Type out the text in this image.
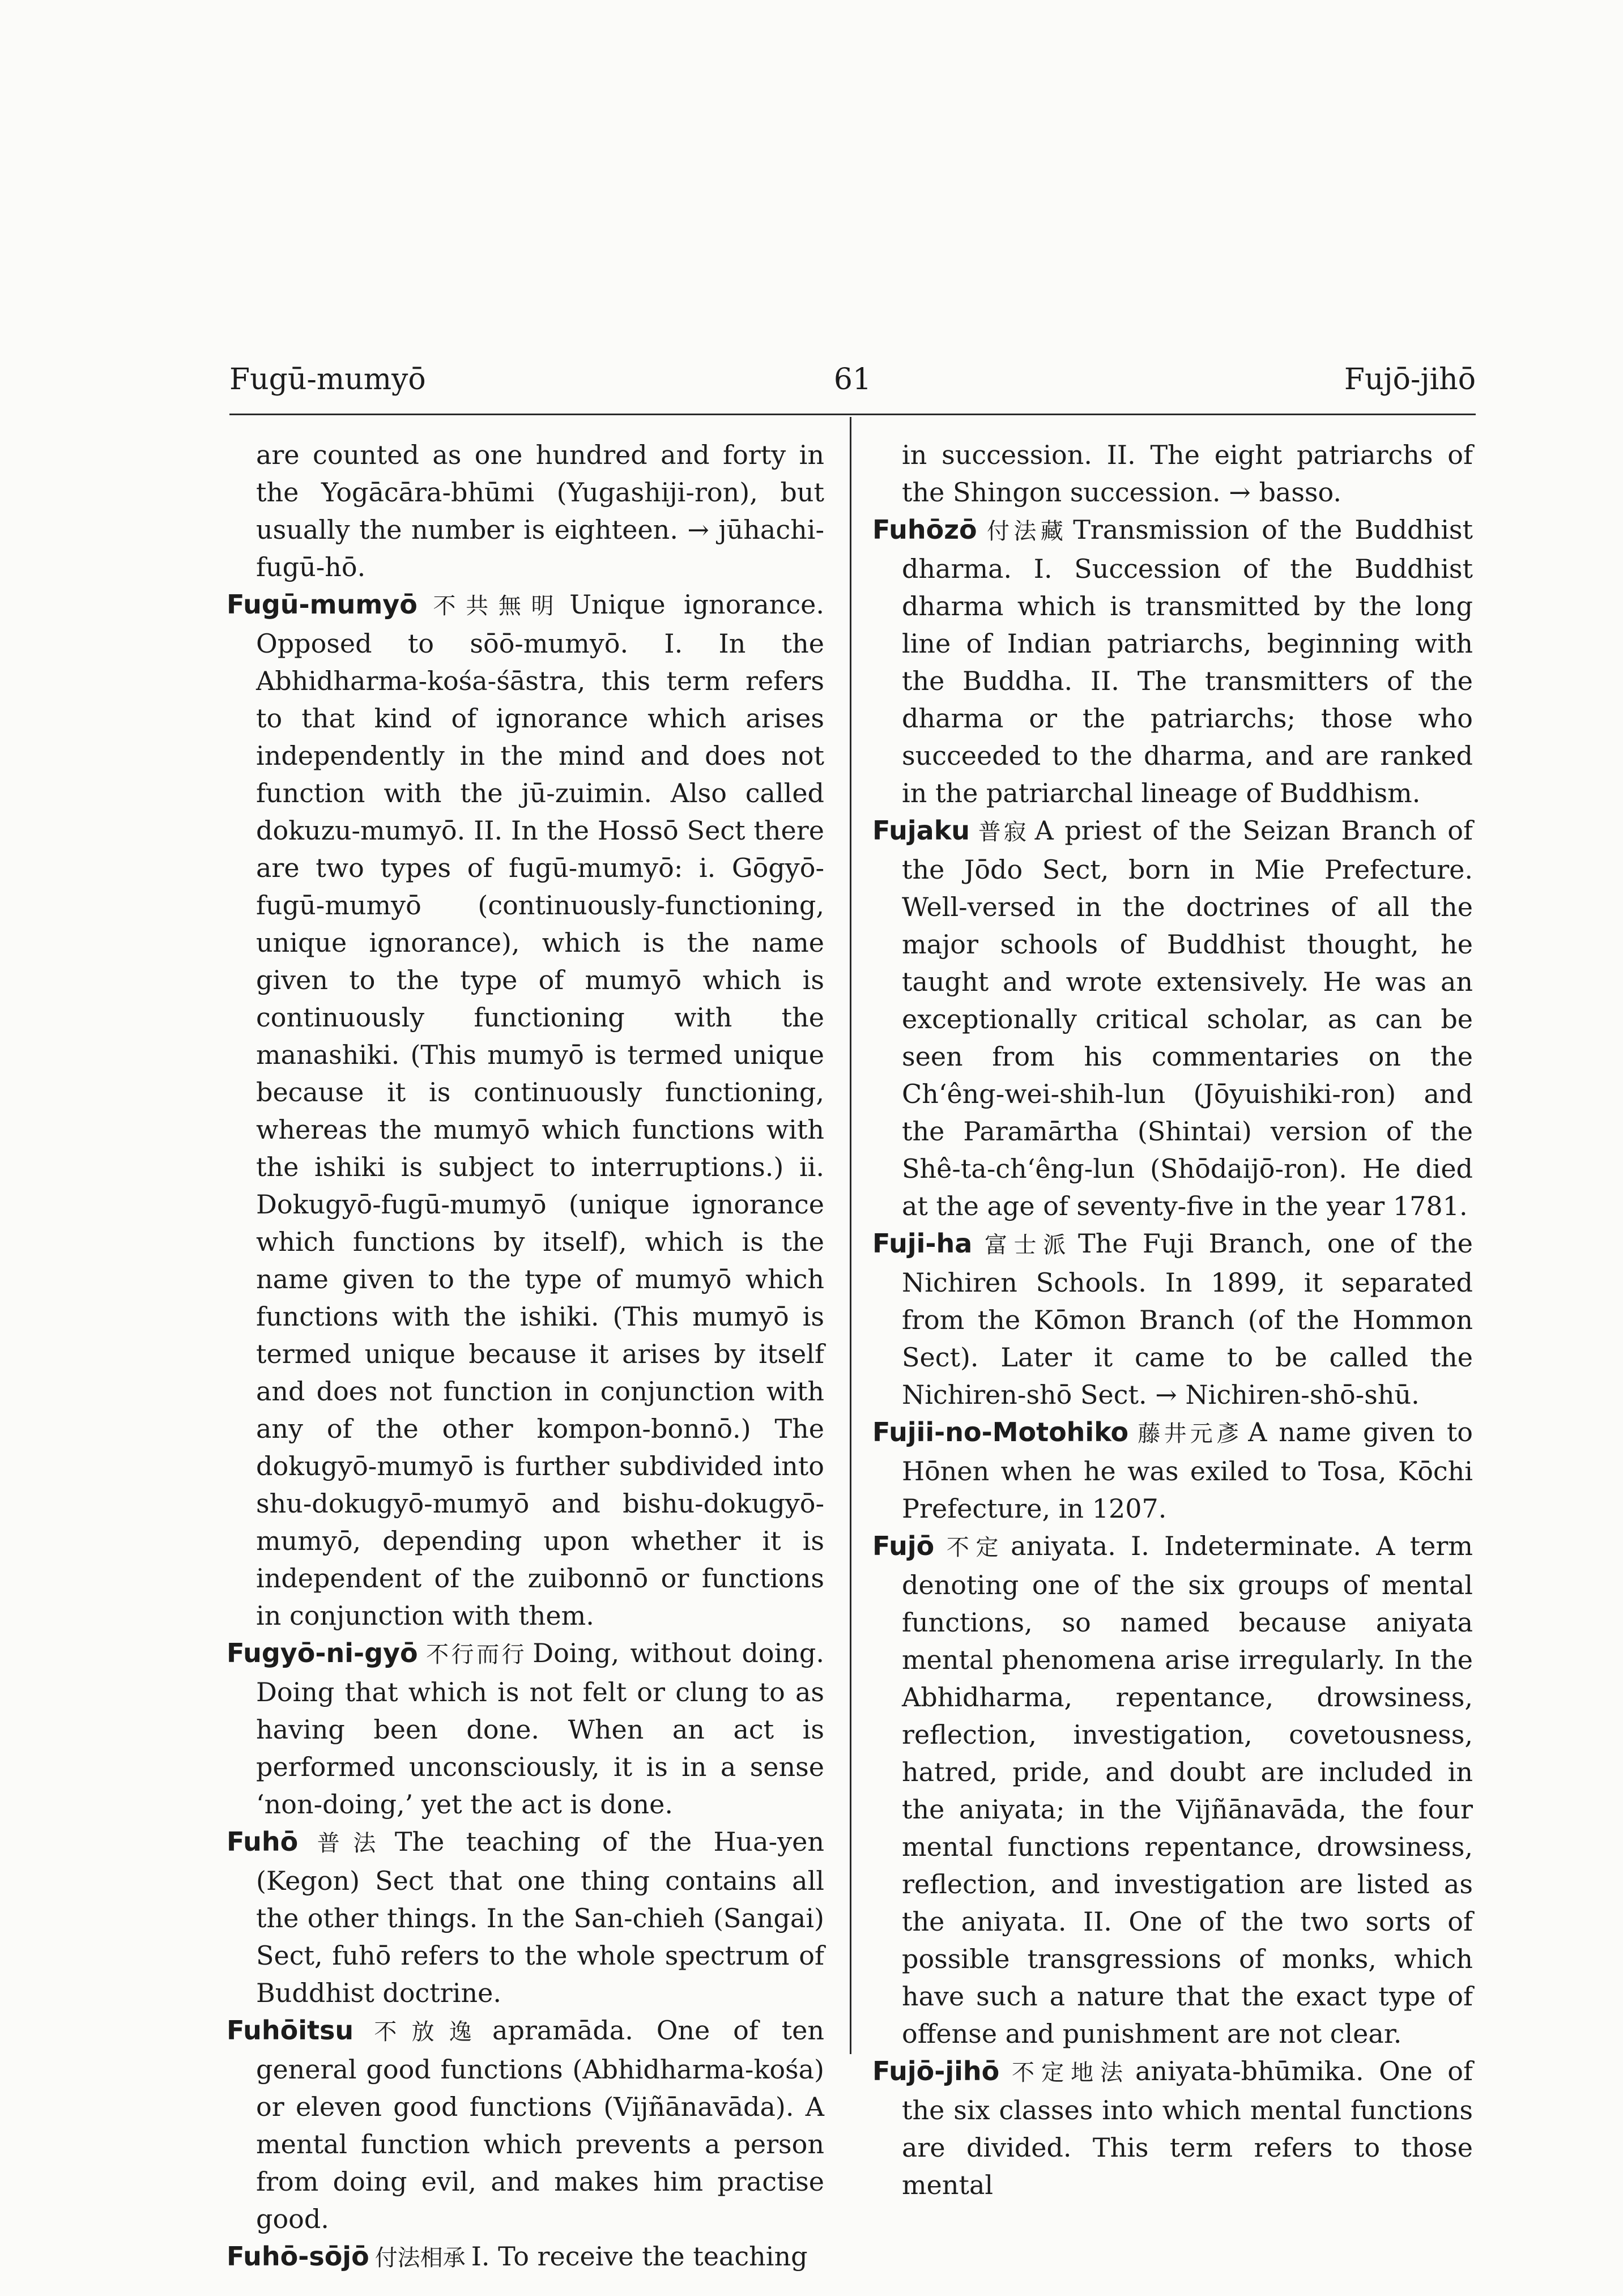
Fugū-mumyō	61	Fujō-jihō

are counted as one hundred and forty in the Yogācāra-bhūmi (Yugashiji-ron), but usually the number is eighteen. → jūhachi-fugū-hō.

Fugū-mumyō 不共無明 Unique ignorance. Opposed to sōō-mumyō. I. In the Abhidharma-kośa-śāstra, this term refers to that kind of ignorance which arises independently in the mind and does not function with the jū-zuimin. Also called dokuzu-mumyō. II. In the Hossō Sect there are two types of fugū-mumyō: i. Gōgyō-fugū-mumyō (continuously-functioning, unique ignorance), which is the name given to the type of mumyō which is continuously functioning with the manashiki. (This mumyō is termed unique because it is continuously functioning, whereas the mumyō which functions with the ishiki is subject to interruptions.) ii. Dokugyō-fugū-mumyō (unique ignorance which functions by itself), which is the name given to the type of mumyō which functions with the ishiki. (This mumyō is termed unique because it arises by itself and does not function in conjunction with any of the other kompon-bonnō.) The dokugyō-mumyō is further subdivided into shu-dokugyō-mumyō and bishu-dokugyō-mumyō, depending upon whether it is independent of the zuibonnō or functions in conjunction with them.

Fugyō-ni-gyō 不行而行 Doing, without doing. Doing that which is not felt or clung to as having been done. When an act is performed unconsciously, it is in a sense ‘non-doing,’ yet the act is done.

Fuhō 普法 The teaching of the Hua-yen (Kegon) Sect that one thing contains all the other things. In the San-chieh (Sangai) Sect, fuhō refers to the whole spectrum of Buddhist doctrine.

Fuhōitsu 不放逸 apramāda. One of ten general good functions (Abhidharma-kośa) or eleven good functions (Vijñānavāda). A mental function which prevents a person from doing evil, and makes him practise good.

Fuhō-sōjō 付法相承 I. To receive the teaching

in succession. II. The eight patriarchs of the Shingon succession. → basso.

Fuhōzō 付法藏 Transmission of the Buddhist dharma. I. Succession of the Buddhist dharma which is transmitted by the long line of Indian patriarchs, beginning with the Buddha. II. The transmitters of the dharma or the patriarchs; those who succeeded to the dharma, and are ranked in the patriarchal lineage of Buddhism.

Fujaku 普寂 A priest of the Seizan Branch of the Jōdo Sect, born in Mie Prefecture. Well-versed in the doctrines of all the major schools of Buddhist thought, he taught and wrote extensively. He was an exceptionally critical scholar, as can be seen from his commentaries on the Ch‘êng-wei-shih-lun (Jōyuishiki-ron) and the Paramārtha (Shintai) version of the Shê-ta-ch‘êng-lun (Shōdaijō-ron). He died at the age of seventy-five in the year 1781.

Fuji-ha 富士派 The Fuji Branch, one of the Nichiren Schools. In 1899, it separated from the Kōmon Branch (of the Hommon Sect). Later it came to be called the Nichiren-shō Sect. → Nichiren-shō-shū.

Fujii-no-Motohiko 藤井元彥 A name given to Hōnen when he was exiled to Tosa, Kōchi Prefecture, in 1207.

Fujō 不定 aniyata. I. Indeterminate. A term denoting one of the six groups of mental functions, so named because aniyata mental phenomena arise irregularly. In the Abhidharma, repentance, drowsiness, reflection, investigation, covetousness, hatred, pride, and doubt are included in the aniyata; in the Vijñānavāda, the four mental functions repentance, drowsiness, reflection, and investigation are listed as the aniyata. II. One of the two sorts of possible transgressions of monks, which have such a nature that the exact type of offense and punishment are not clear.

Fujō-jihō 不定地法 aniyata-bhūmika. One of the six classes into which mental functions are divided. This term refers to those mental
